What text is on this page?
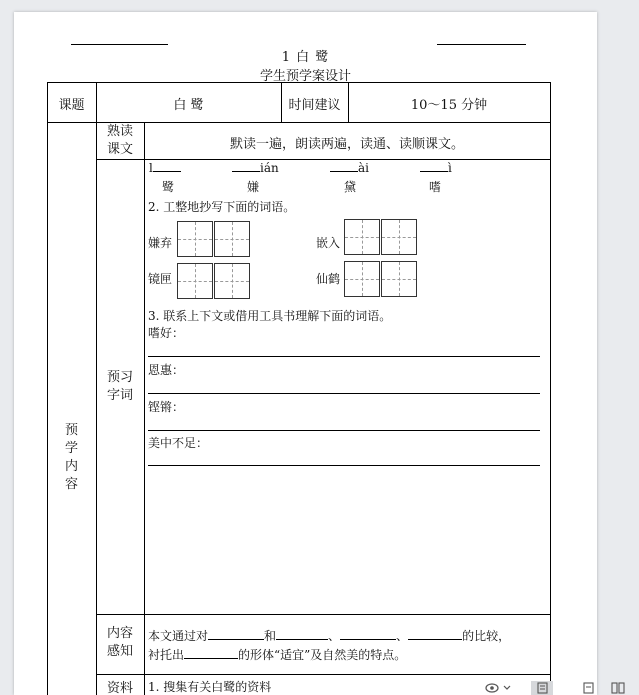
1 白 鹭
学生预学案设计
课题	白 鹭	时间建议	10～15 分钟
预
学
内
容
熟读
课文	默读一遍，朗读两遍，读通、读顺课文。
预习
字词
l	ián	ài	ì
鹭	嫌	黛	嗜
2. 工整地抄写下面的词语。
嫌弃	嵌入
镜匣	仙鹤
3. 联系上下文或借用工具书理解下面的词语。
嗜好：
恩惠：
铿锵：
美中不足：
内容
感知
本文通过对	和	、	、	的比较，
衬托出	的形体“适宜”及自然美的特点。
资料	1. 搜集有关白鹭的资料
